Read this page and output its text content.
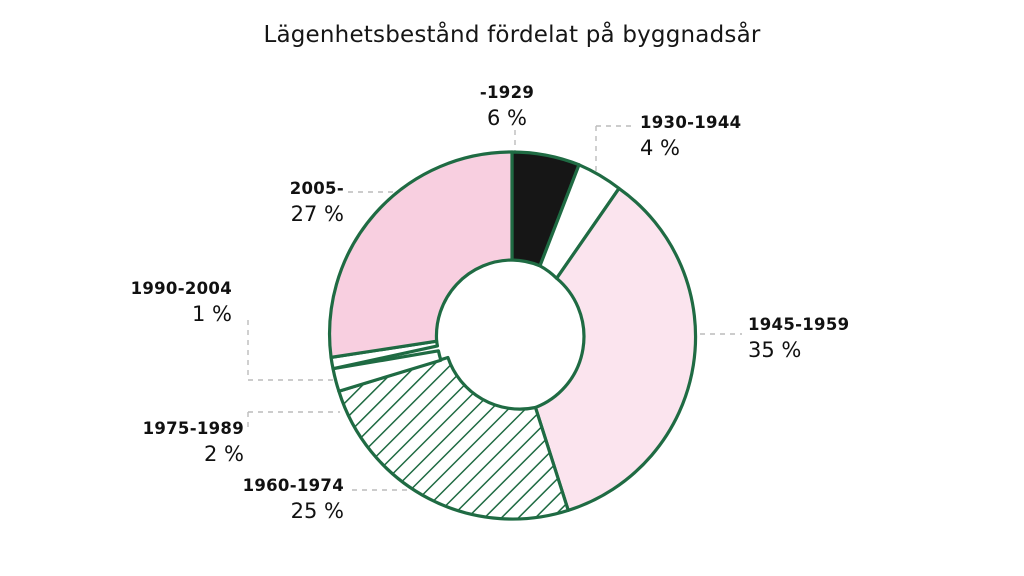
Lägenhetsbestånd fördelat på byggnadsår
-1929
6 %	1930-1944
4 %
1945-1959
35 %
1960-1974
25 %
1975-1989
2 %
1990-2004
1 %
2005-
27 %
